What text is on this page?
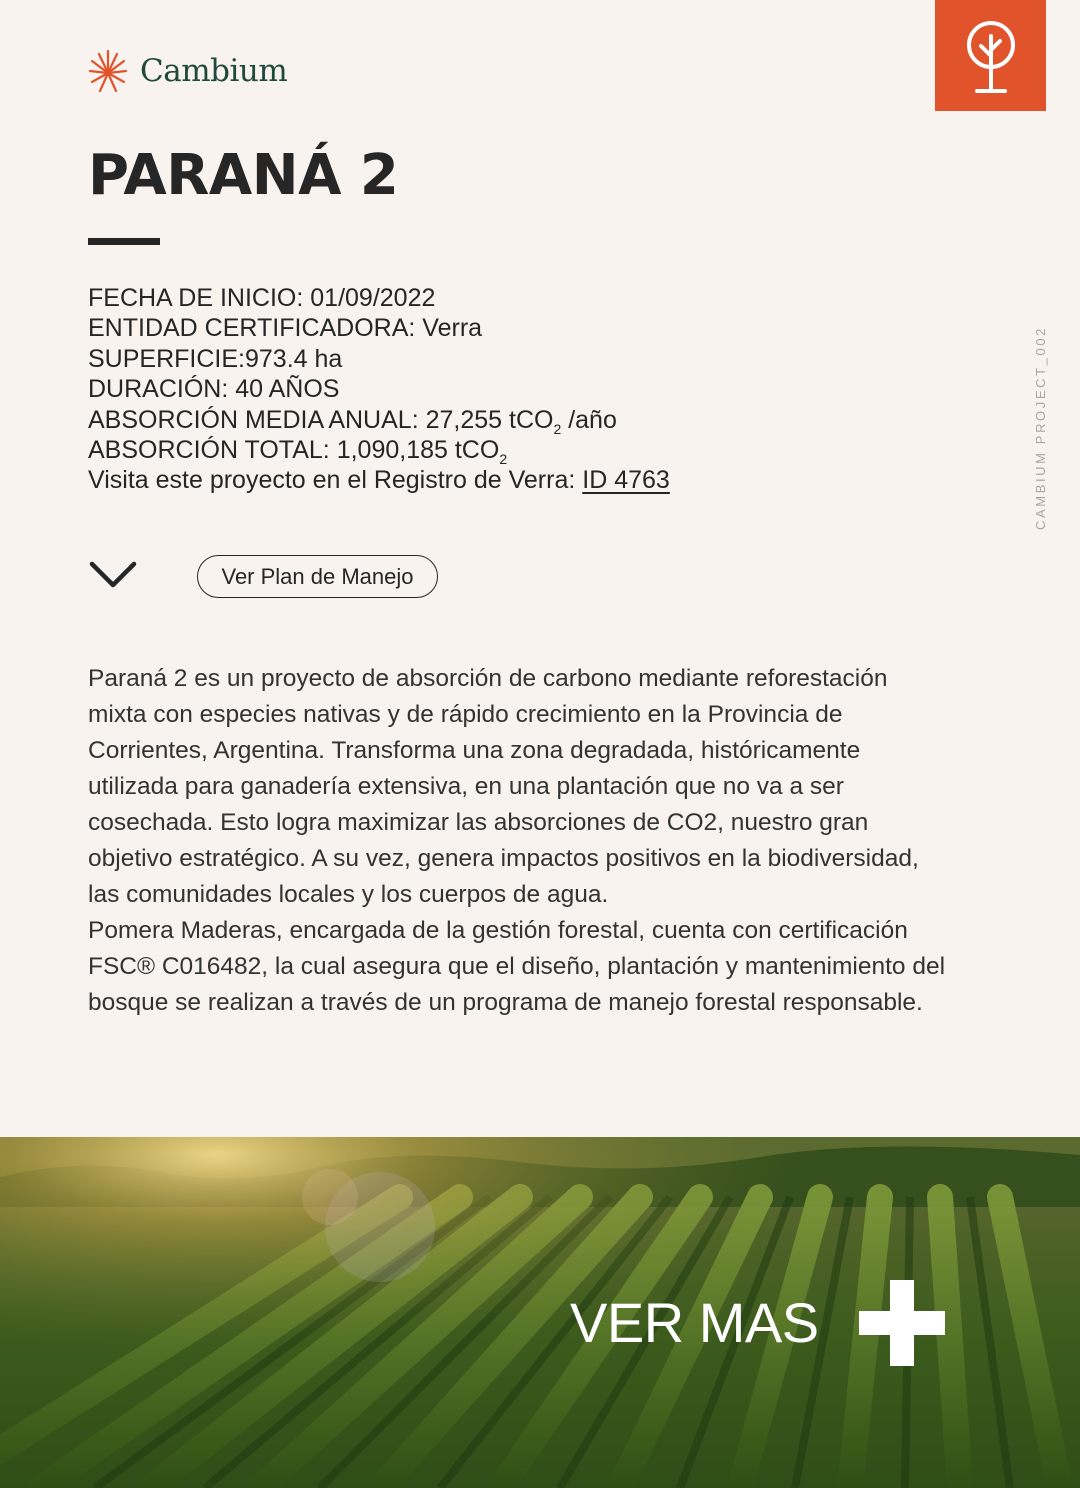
Cambium
PARANÁ 2
FECHA DE INICIO: 01/09/2022
ENTIDAD CERTIFICADORA: Verra
SUPERFICIE:973.4 ha
DURACIÓN: 40 AÑOS
ABSORCIÓN MEDIA ANUAL: 27,255 tCO$_2$ /año
ABSORCIÓN TOTAL: 1,090,185 tCO$_2$
Visita este proyecto en el Registro de Verra: ID 4763
Ver Plan de Manejo

Paraná 2 es un proyecto de absorción de carbono mediante reforestación mixta con especies nativas y de rápido crecimiento en la Provincia de Corrientes, Argentina. Transforma una zona degradada, históricamente utilizada para ganadería extensiva, en una plantación que no va a ser cosechada. Esto logra maximizar las absorciones de CO2, nuestro gran objetivo estratégico. A su vez, genera impactos positivos en la biodiversidad, las comunidades locales y los cuerpos de agua.

Pomera Maderas, encargada de la gestión forestal, cuenta con certificación FSC® C016482, la cual asegura que el diseño, plantación y mantenimiento del bosque se realizan a través de un programa de manejo forestal responsable.

CAMBIUM PROJECT_002
VER MAS
